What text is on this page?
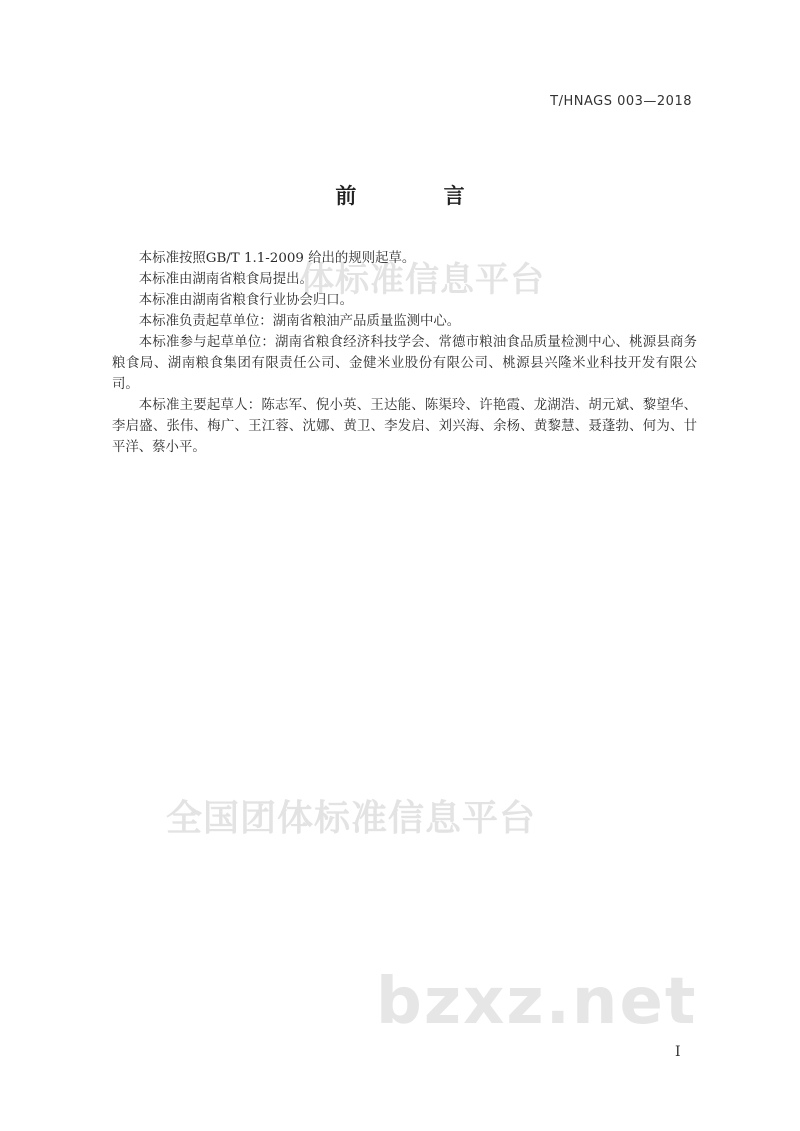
T/HNAGS 003—2018
前 言
体标准信息平台
全国团体标准信息平台
bzxz.net

本标准按照GB/T 1.1-2009 给出的规则起草。

本标准由湖南省粮食局提出。

本标准由湖南省粮食行业协会归口。

本标准负责起草单位：湖南省粮油产品质量监测中心。

本标准参与起草单位：湖南省粮食经济科技学会、常德市粮油食品质量检测中心、桃源县商务粮食局、湖南粮食集团有限责任公司、金健米业股份有限公司、桃源县兴隆米业科技开发有限公司。

本标准主要起草人：陈志军、倪小英、王达能、陈渠玲、许艳霞、龙湖浩、胡元斌、黎望华、李启盛、张伟、梅广、王江蓉、沈娜、黄卫、李发启、刘兴海、余杨、黄黎慧、聂蓬勃、何为、廿平洋、蔡小平。

I
